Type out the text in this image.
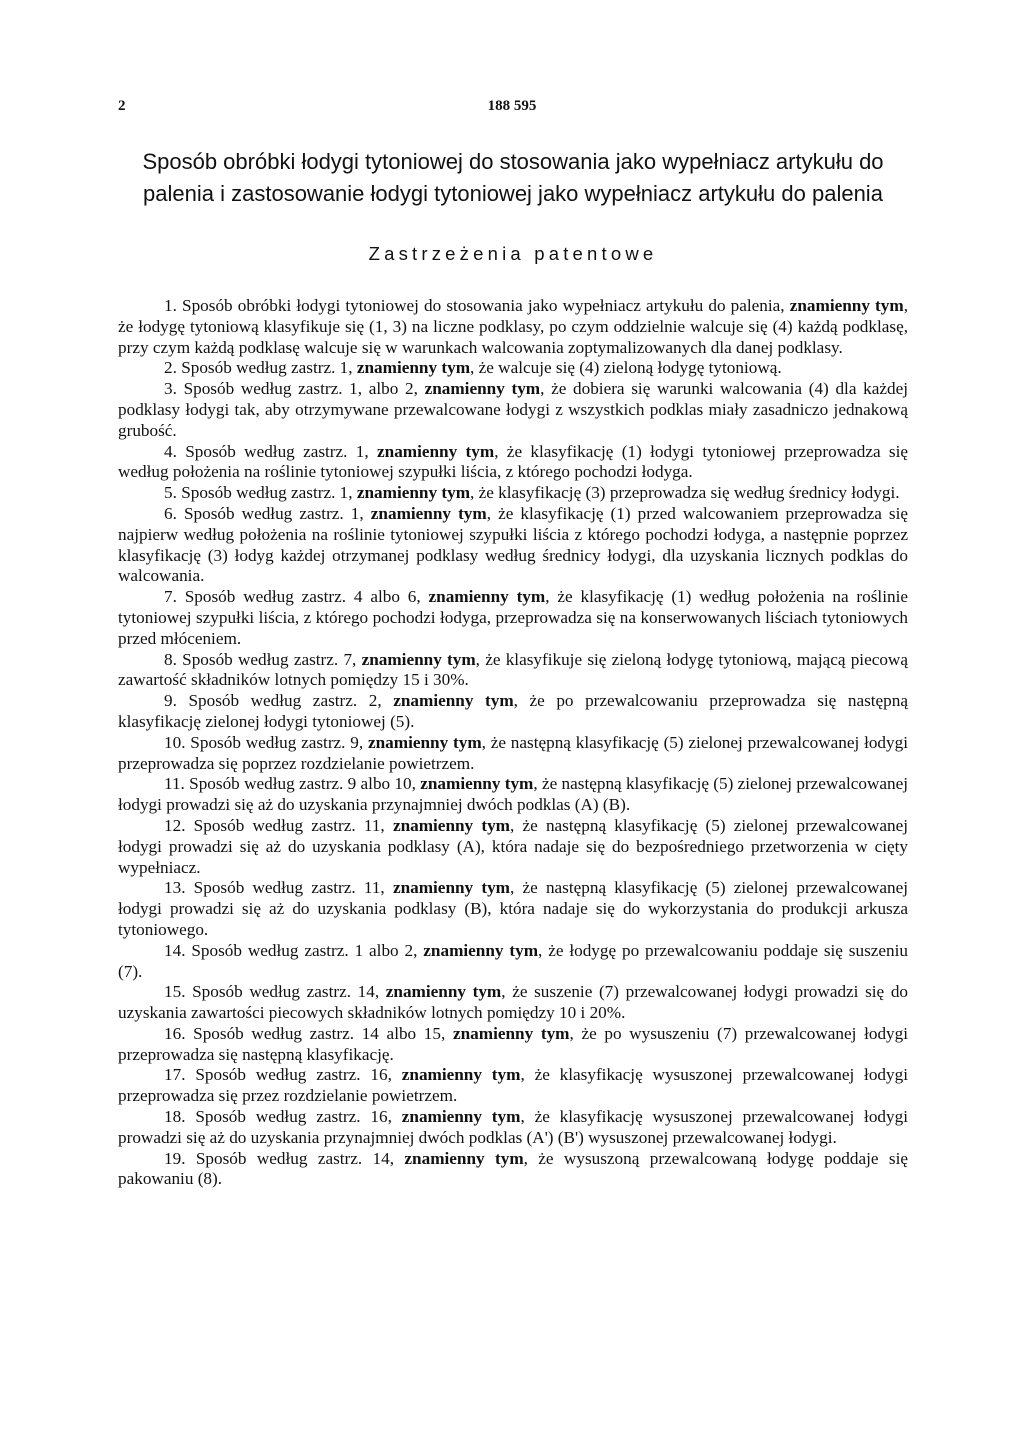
2	188 595
Sposób obróbki łodygi tytoniowej do stosowania jako wypełniacz artykułu do palenia i zastosowanie łodygi tytoniowej jako wypełniacz artykułu do palenia
Zastrzeżenia patentowe

1. Sposób obróbki łodygi tytoniowej do stosowania jako wypełniacz artykułu do palenia, znamienny tym, że łodygę tytoniową klasyfikuje się (1, 3) na liczne podklasy, po czym oddzielnie walcuje się (4) każdą podklasę, przy czym każdą podklasę walcuje się w warunkach walcowania zoptymalizowanych dla danej podklasy.

2. Sposób według zastrz. 1, znamienny tym, że walcuje się (4) zieloną łodygę tytoniową.

3. Sposób według zastrz. 1, albo 2, znamienny tym, że dobiera się warunki walcowania (4) dla każdej podklasy łodygi tak, aby otrzymywane przewalcowane łodygi z wszystkich podklas miały zasadniczo jednakową grubość.

4. Sposób według zastrz. 1, znamienny tym, że klasyfikację (1) łodygi tytoniowej przeprowadza się według położenia na roślinie tytoniowej szypułki liścia, z którego pochodzi łodyga.

5. Sposób według zastrz. 1, znamienny tym, że klasyfikację (3) przeprowadza się według średnicy łodygi.

6. Sposób według zastrz. 1, znamienny tym, że klasyfikację (1) przed walcowaniem przeprowadza się najpierw według położenia na roślinie tytoniowej szypułki liścia z którego pochodzi łodyga, a następnie poprzez klasyfikację (3) łodyg każdej otrzymanej podklasy według średnicy łodygi, dla uzyskania licznych podklas do walcowania.

7. Sposób według zastrz. 4 albo 6, znamienny tym, że klasyfikację (1) według położenia na roślinie tytoniowej szypułki liścia, z którego pochodzi łodyga, przeprowadza się na konserwowanych liściach tytoniowych przed młóceniem.

8. Sposób według zastrz. 7, znamienny tym, że klasyfikuje się zieloną łodygę tytoniową, mającą piecową zawartość składników lotnych pomiędzy 15 i 30%.

9. Sposób według zastrz. 2, znamienny tym, że po przewalcowaniu przeprowadza się następną klasyfikację zielonej łodygi tytoniowej (5).

10. Sposób według zastrz. 9, znamienny tym, że następną klasyfikację (5) zielonej przewalcowanej łodygi przeprowadza się poprzez rozdzielanie powietrzem.

11. Sposób według zastrz. 9 albo 10, znamienny tym, że następną klasyfikację (5) zielonej przewalcowanej łodygi prowadzi się aż do uzyskania przynajmniej dwóch podklas (A) (B).

12. Sposób według zastrz. 11, znamienny tym, że następną klasyfikację (5) zielonej przewalcowanej łodygi prowadzi się aż do uzyskania podklasy (A), która nadaje się do bezpośredniego przetworzenia w cięty wypełniacz.

13. Sposób według zastrz. 11, znamienny tym, że następną klasyfikację (5) zielonej przewalcowanej łodygi prowadzi się aż do uzyskania podklasy (B), która nadaje się do wykorzystania do produkcji arkusza tytoniowego.

14. Sposób według zastrz. 1 albo 2, znamienny tym, że łodygę po przewalcowaniu poddaje się suszeniu (7).

15. Sposób według zastrz. 14, znamienny tym, że suszenie (7) przewalcowanej łodygi prowadzi się do uzyskania zawartości piecowych składników lotnych pomiędzy 10 i 20%.

16. Sposób według zastrz. 14 albo 15, znamienny tym, że po wysuszeniu (7) przewalcowanej łodygi przeprowadza się następną klasyfikację.

17. Sposób według zastrz. 16, znamienny tym, że klasyfikację wysuszonej przewalcowanej łodygi przeprowadza się przez rozdzielanie powietrzem.

18. Sposób według zastrz. 16, znamienny tym, że klasyfikację wysuszonej przewalcowanej łodygi prowadzi się aż do uzyskania przynajmniej dwóch podklas (A') (B') wysuszonej przewalcowanej łodygi.

19. Sposób według zastrz. 14, znamienny tym, że wysuszoną przewalcowaną łodygę poddaje się pakowaniu (8).
